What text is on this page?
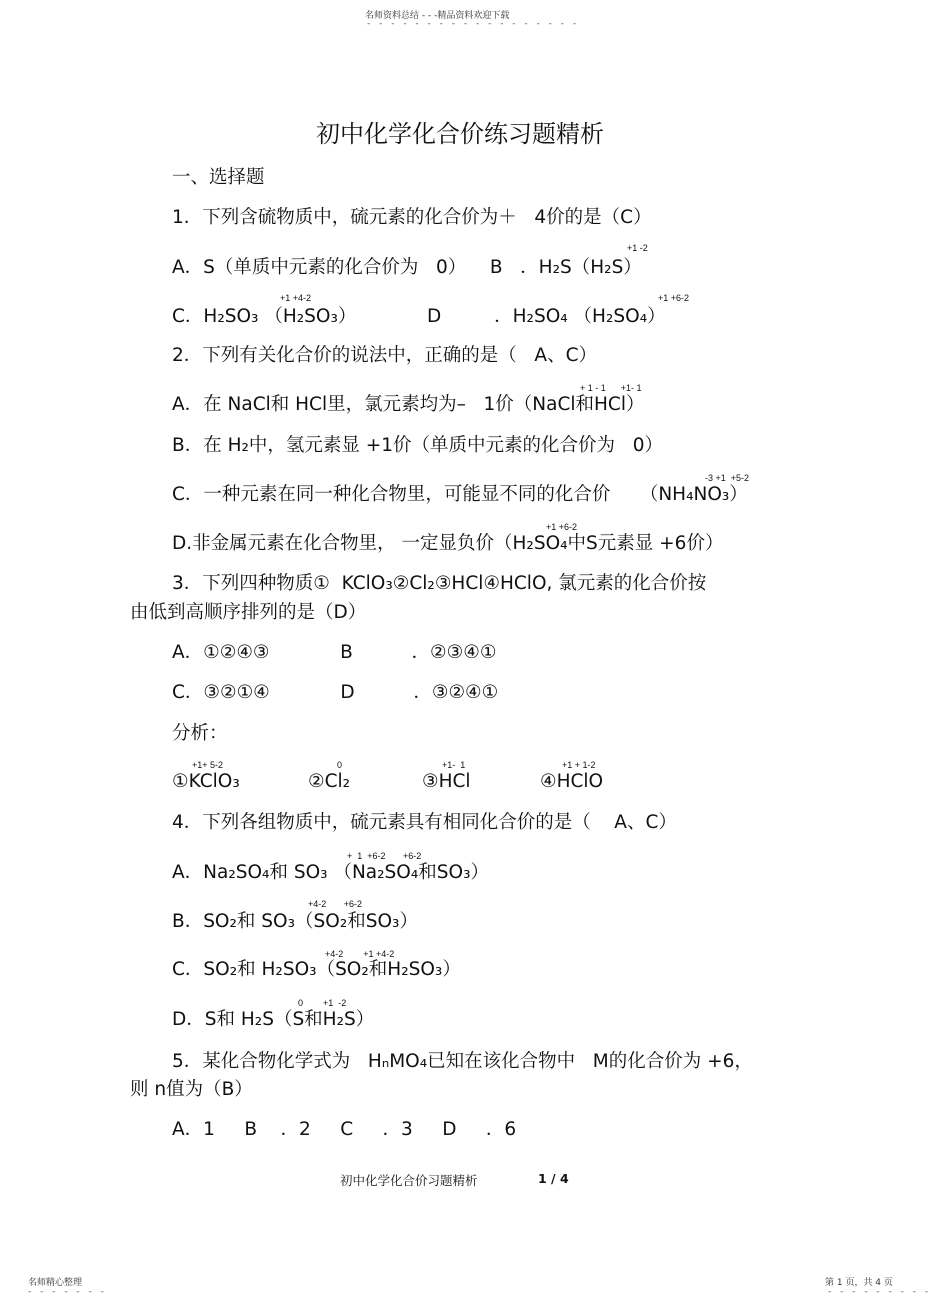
名师资料总结 - - -精品资料欢迎下载
- - - - - - - - - - - - - - - - - -
初中化学化合价练习题精析
一、选择题
1．下列含硫物质中，硫元素的化合价为＋   4价的是（C）
+1 -2
A．S（单质中元素的化合价为   0）    B   ．H₂S（H₂S）
+1 +4-2	+1 +6-2
C．H₂SO₃ （H₂SO₃）            D         ．H₂SO₄ （H₂SO₄）
2．下列有关化合价的说法中，正确的是（   A、C）
+ 1 - 1      +1- 1
A．在 NaCl和 HCl里，氯元素均为–   1价（NaCl和HCl）
B．在 H₂中，氢元素显 +1价（单质中元素的化合价为   0）
-3 +1  +5-2
C．一种元素在同一种化合物里，可能显不同的化合价     （NH₄NO₃）
+1 +6-2
D.非金属元素在化合物里， 一定显负价（H₂SO₄中S元素显 +6价）
3．下列四种物质①  KClO₃②Cl₂③HCl④HClO, 氯元素的化合价按
由低到高顺序排列的是（D）
A．①②④③            B          ．②③④①
C．③②①④            D          ．③②④①
分析：
+1+ 5-2
①KClO₃
0
②Cl₂
+1-  1
③HCl
+1 + 1-2
④HClO
4．下列各组物质中，硫元素具有相同化合价的是（    A、C）
+  1  +6-2       +6-2
A．Na₂SO₄和 SO₃ （Na₂SO₄和SO₃）
+4-2       +6-2
B．SO₂和 SO₃（SO₂和SO₃）
+4-2        +1 +4-2
C．SO₂和 H₂SO₃（SO₂和H₂SO₃）
0        +1  -2
D．S和 H₂S（S和H₂S）
5．某化合物化学式为   HₙMO₄已知在该化合物中   M的化合价为 +6，
则 n值为（B）
A．1     B    ．2     C     ．3     D     ．6
初中化学化合价习题精析	1 / 4
名师精心整理
- - - - - - -
第 1 页，共 4 页
- - - - - - - - -
